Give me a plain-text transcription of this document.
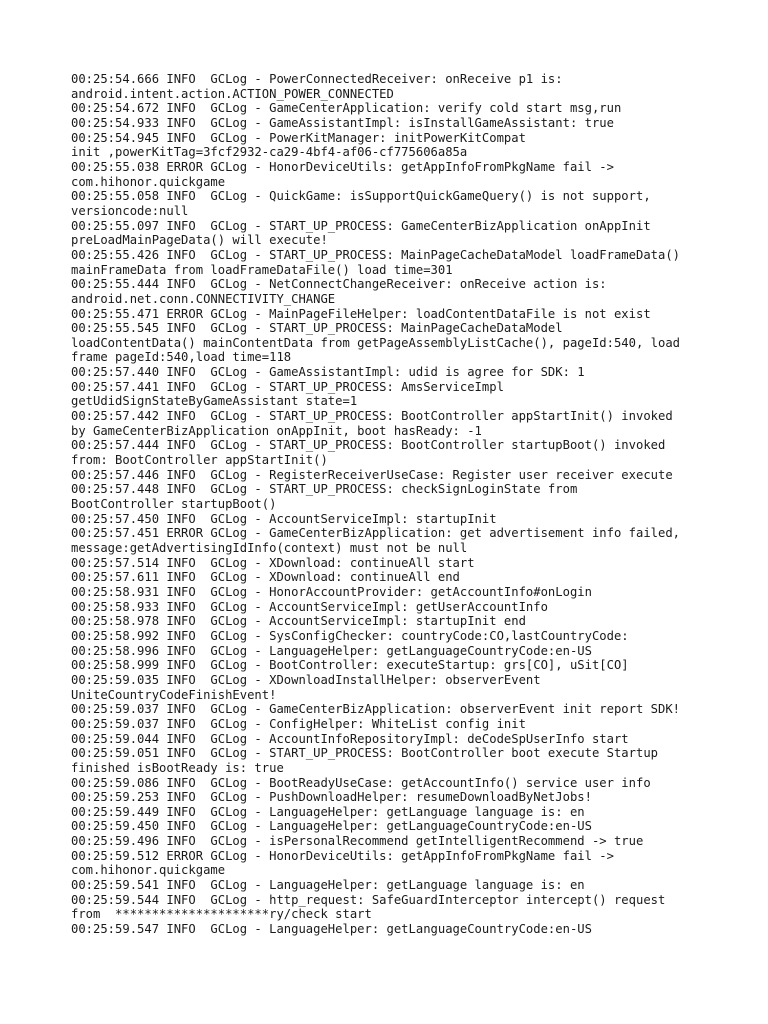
00:25:54.666 INFO  GCLog - PowerConnectedReceiver: onReceive p1 is:
android.intent.action.ACTION_POWER_CONNECTED
00:25:54.672 INFO  GCLog - GameCenterApplication: verify cold start msg,run
00:25:54.933 INFO  GCLog - GameAssistantImpl: isInstallGameAssistant: true
00:25:54.945 INFO  GCLog - PowerKitManager: initPowerKitCompat
init ,powerKitTag=3fcf2932-ca29-4bf4-af06-cf775606a85a
00:25:55.038 ERROR GCLog - HonorDeviceUtils: getAppInfoFromPkgName fail ->
com.hihonor.quickgame
00:25:55.058 INFO  GCLog - QuickGame: isSupportQuickGameQuery() is not support,
versioncode:null
00:25:55.097 INFO  GCLog - START_UP_PROCESS: GameCenterBizApplication onAppInit
preLoadMainPageData() will execute!
00:25:55.426 INFO  GCLog - START_UP_PROCESS: MainPageCacheDataModel loadFrameData()
mainFrameData from loadFrameDataFile() load time=301
00:25:55.444 INFO  GCLog - NetConnectChangeReceiver: onReceive action is:
android.net.conn.CONNECTIVITY_CHANGE
00:25:55.471 ERROR GCLog - MainPageFileHelper: loadContentDataFile is not exist
00:25:55.545 INFO  GCLog - START_UP_PROCESS: MainPageCacheDataModel
loadContentData() mainContentData from getPageAssemblyListCache(), pageId:540, load
frame pageId:540,load time=118
00:25:57.440 INFO  GCLog - GameAssistantImpl: udid is agree for SDK: 1
00:25:57.441 INFO  GCLog - START_UP_PROCESS: AmsServiceImpl
getUdidSignStateByGameAssistant state=1
00:25:57.442 INFO  GCLog - START_UP_PROCESS: BootController appStartInit() invoked
by GameCenterBizApplication onAppInit, boot hasReady: -1
00:25:57.444 INFO  GCLog - START_UP_PROCESS: BootController startupBoot() invoked
from: BootController appStartInit()
00:25:57.446 INFO  GCLog - RegisterReceiverUseCase: Register user receiver execute
00:25:57.448 INFO  GCLog - START_UP_PROCESS: checkSignLoginState from
BootController startupBoot()
00:25:57.450 INFO  GCLog - AccountServiceImpl: startupInit
00:25:57.451 ERROR GCLog - GameCenterBizApplication: get advertisement info failed,
message:getAdvertisingIdInfo(context) must not be null
00:25:57.514 INFO  GCLog - XDownload: continueAll start
00:25:57.611 INFO  GCLog - XDownload: continueAll end
00:25:58.931 INFO  GCLog - HonorAccountProvider: getAccountInfo#onLogin
00:25:58.933 INFO  GCLog - AccountServiceImpl: getUserAccountInfo
00:25:58.978 INFO  GCLog - AccountServiceImpl: startupInit end
00:25:58.992 INFO  GCLog - SysConfigChecker: countryCode:CO,lastCountryCode:
00:25:58.996 INFO  GCLog - LanguageHelper: getLanguageCountryCode:en-US
00:25:58.999 INFO  GCLog - BootController: executeStartup: grs[CO], uSit[CO]
00:25:59.035 INFO  GCLog - XDownloadInstallHelper: observerEvent
UniteCountryCodeFinishEvent!
00:25:59.037 INFO  GCLog - GameCenterBizApplication: observerEvent init report SDK!
00:25:59.037 INFO  GCLog - ConfigHelper: WhiteList config init
00:25:59.044 INFO  GCLog - AccountInfoRepositoryImpl: deCodeSpUserInfo start
00:25:59.051 INFO  GCLog - START_UP_PROCESS: BootController boot execute Startup
finished isBootReady is: true
00:25:59.086 INFO  GCLog - BootReadyUseCase: getAccountInfo() service user info
00:25:59.253 INFO  GCLog - PushDownloadHelper: resumeDownloadByNetJobs!
00:25:59.449 INFO  GCLog - LanguageHelper: getLanguage language is: en
00:25:59.450 INFO  GCLog - LanguageHelper: getLanguageCountryCode:en-US
00:25:59.496 INFO  GCLog - isPersonalRecommend getIntelligentRecommend -> true
00:25:59.512 ERROR GCLog - HonorDeviceUtils: getAppInfoFromPkgName fail ->
com.hihonor.quickgame
00:25:59.541 INFO  GCLog - LanguageHelper: getLanguage language is: en
00:25:59.544 INFO  GCLog - http_request: SafeGuardInterceptor intercept() request
from  *********************ry/check start
00:25:59.547 INFO  GCLog - LanguageHelper: getLanguageCountryCode:en-US
